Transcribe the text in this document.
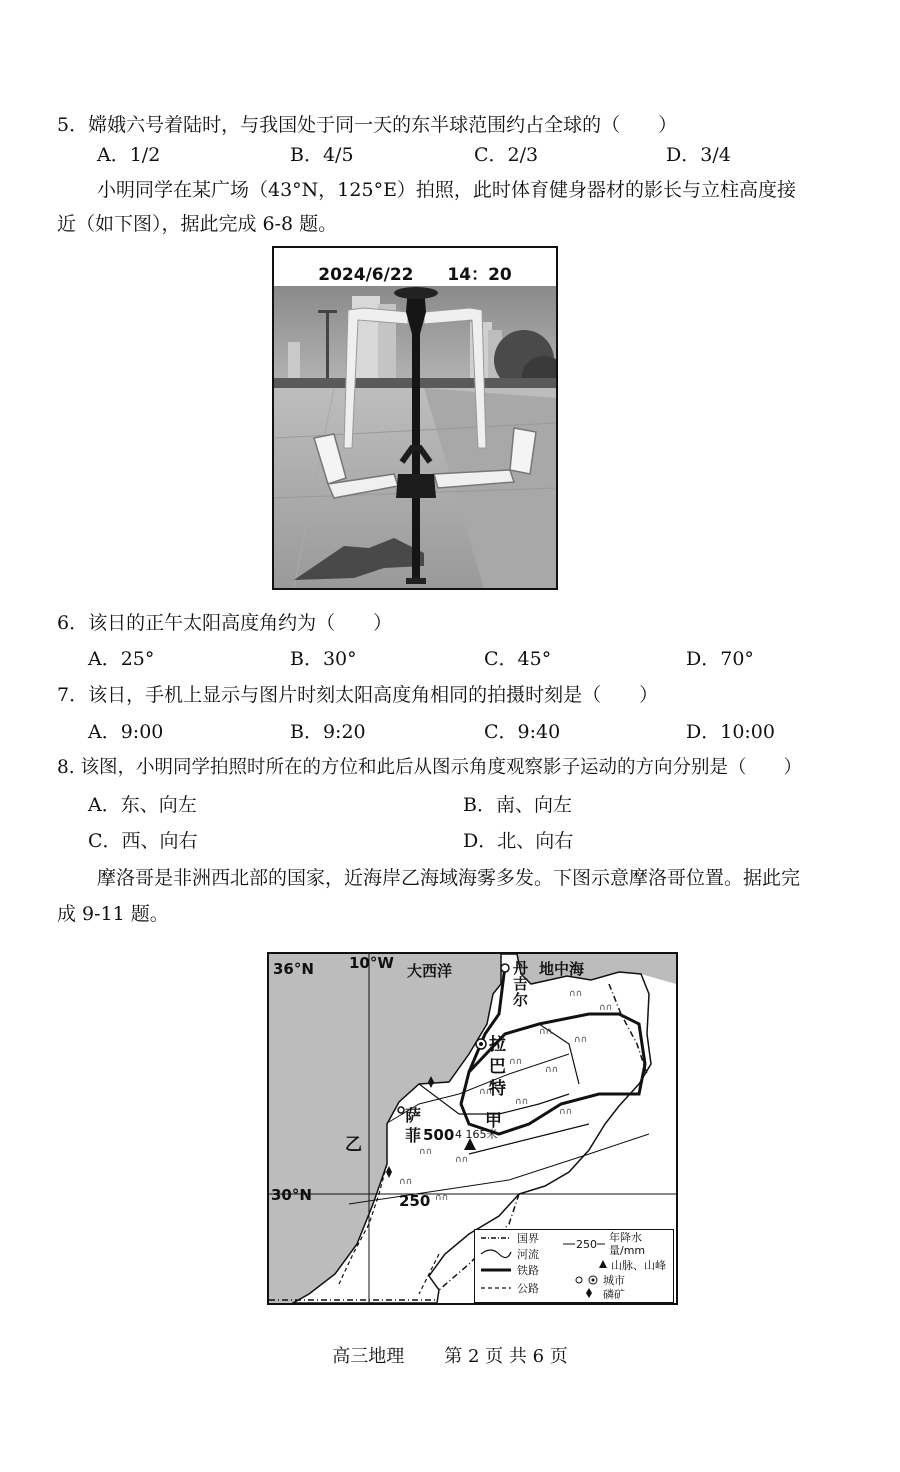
5．嫦娥六号着陆时，与我国处于同一天的东半球范围约占全球的（　　）
A．1/2	B．4/5	C．2/3	D．3/4
小明同学在某广场（43°N，125°E）拍照，此时体育健身器材的影长与立柱高度接
近（如下图），据此完成 6-8 题。
2024/6/22 14：20
6．该日的正午太阳高度角约为（　　）
A．25°	B．30°	C．45°	D．70°
7．该日，手机上显示与图片时刻太阳高度角相同的拍摄时刻是（　　）
A．9:00	B．9:20	C．9:40	D．10:00
8. 该图，小明同学拍照时所在的方位和此后从图示角度观察影子运动的方向分别是（　　）
A．东、向左	B．南、向左
C．西、向右	D．北、向右
摩洛哥是非洲西北部的国家，近海岸乙海域海雾多发。下图示意摩洛哥位置。据此完
成 9-11 题。
∩∩
∩∩
∩∩
∩∩
∩∩
∩∩
∩∩
∩∩
∩∩
∩∩
∩∩
∩∩
∩∩
36°N 10°W 大西洋	地中海
丹
吉
尔
拉
巴
特
甲
乙
萨
菲 500 4 165米
30°N	250
国界
河流
铁路
公路
250
年降水
量/mm
山脉、山峰
城市
磷矿
高三地理 第 2 页 共 6 页
